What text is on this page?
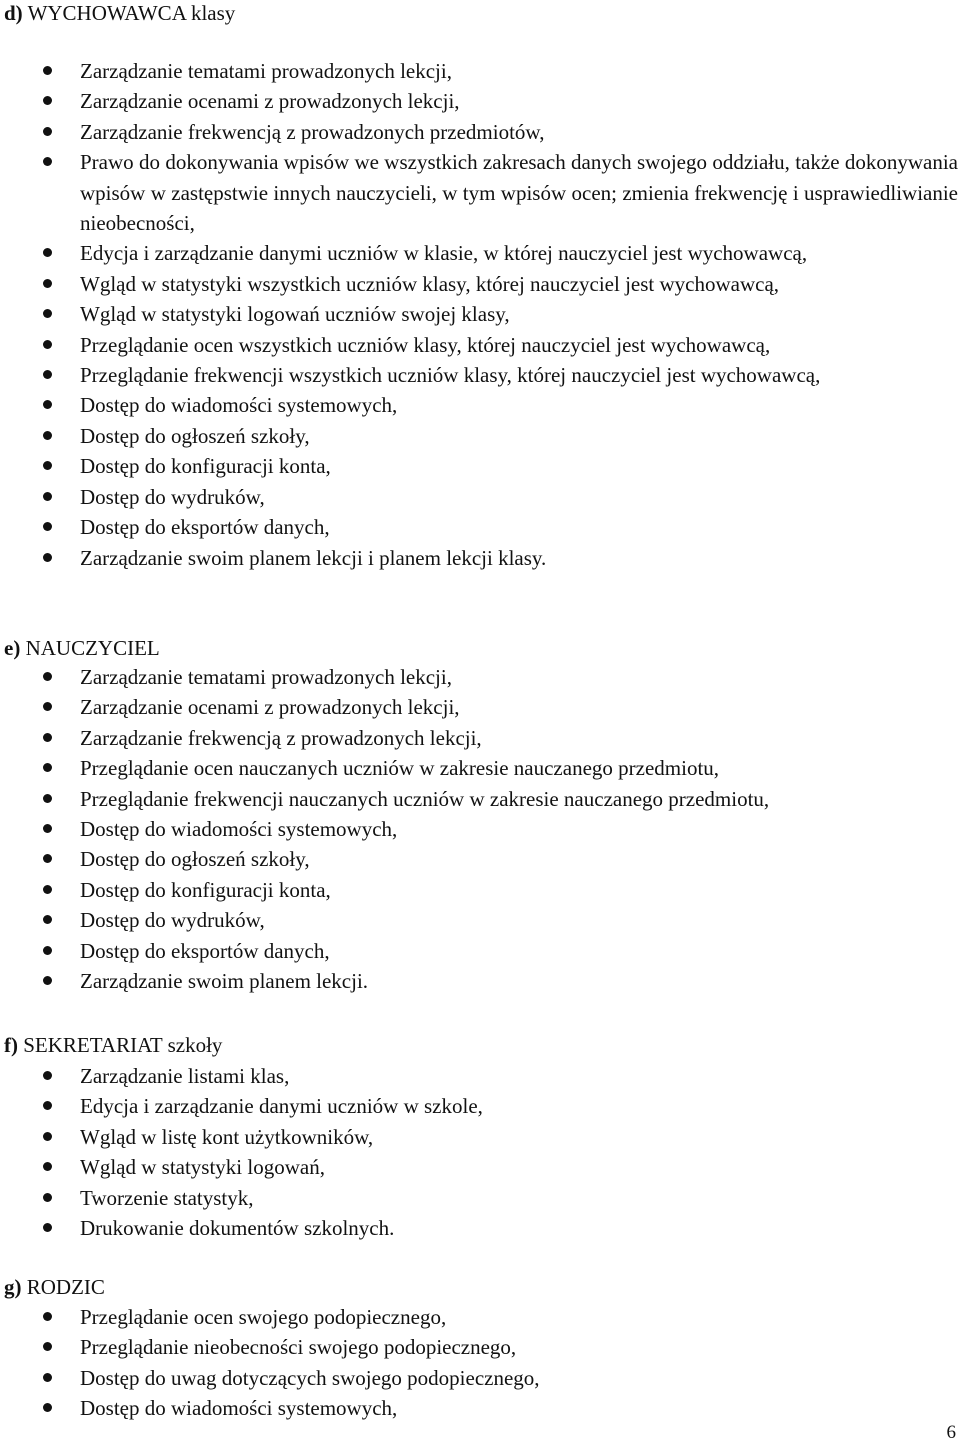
d) WYCHOWAWCA klasy
Zarządzanie tematami prowadzonych lekcji,
Zarządzanie ocenami z prowadzonych lekcji,
Zarządzanie frekwencją z prowadzonych przedmiotów,
Prawo do dokonywania wpisów we wszystkich zakresach danych swojego oddziału, także dokonywania wpisów w zastępstwie innych nauczycieli, w tym wpisów ocen; zmienia frekwencję i usprawiedliwianie nieobecności,
Edycja i zarządzanie danymi uczniów w klasie, w której nauczyciel jest wychowawcą,
Wgląd w statystyki wszystkich uczniów klasy, której nauczyciel jest wychowawcą,
Wgląd w statystyki logowań uczniów swojej klasy,
Przeglądanie ocen wszystkich uczniów klasy, której nauczyciel jest wychowawcą,
Przeglądanie frekwencji wszystkich uczniów klasy, której nauczyciel jest wychowawcą,
Dostęp do wiadomości systemowych,
Dostęp do ogłoszeń szkoły,
Dostęp do konfiguracji konta,
Dostęp do wydruków,
Dostęp do eksportów danych,
Zarządzanie swoim planem lekcji i planem lekcji klasy.
e) NAUCZYCIEL
Zarządzanie tematami prowadzonych lekcji,
Zarządzanie ocenami z prowadzonych lekcji,
Zarządzanie frekwencją z prowadzonych lekcji,
Przeglądanie ocen nauczanych uczniów w zakresie nauczanego przedmiotu,
Przeglądanie frekwencji nauczanych uczniów w zakresie nauczanego przedmiotu,
Dostęp do wiadomości systemowych,
Dostęp do ogłoszeń szkoły,
Dostęp do konfiguracji konta,
Dostęp do wydruków,
Dostęp do eksportów danych,
Zarządzanie swoim planem lekcji.
f) SEKRETARIAT szkoły
Zarządzanie listami klas,
Edycja i zarządzanie danymi uczniów w szkole,
Wgląd w listę kont użytkowników,
Wgląd w statystyki logowań,
Tworzenie statystyk,
Drukowanie dokumentów szkolnych.
g) RODZIC
Przeglądanie ocen swojego podopiecznego,
Przeglądanie nieobecności swojego podopiecznego,
Dostęp do uwag dotyczących swojego podopiecznego,
Dostęp do wiadomości systemowych,
6
